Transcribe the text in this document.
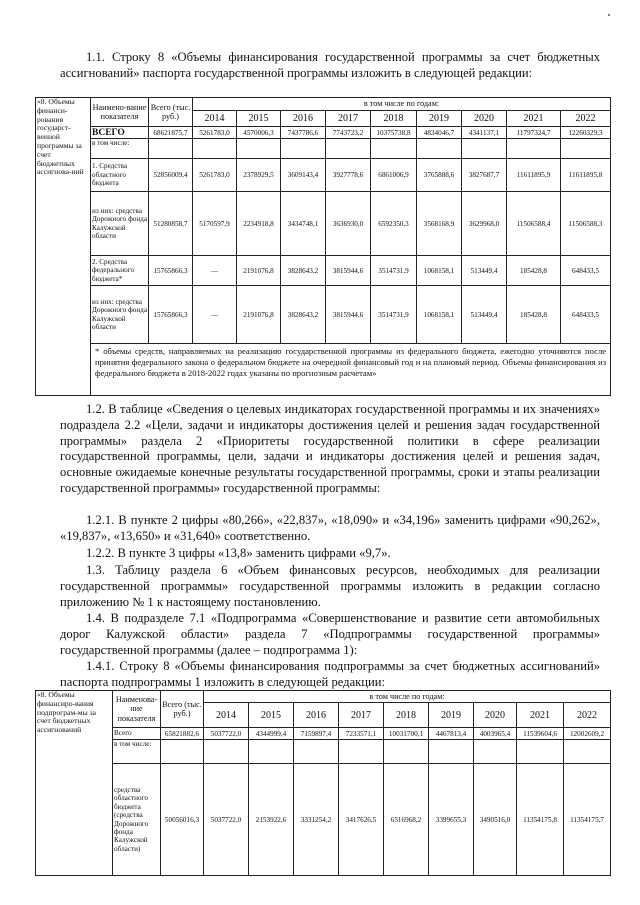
1.1. Строку 8 «Объемы финансирования государственной программы за счет бюджетных ассигнований» паспорта государственной программы изложить в следующей редакции:

«8. Объемы финанси-рования государст-венной программы за счет бюджетных ассигнова-ний	Наимено-вание показателя	Всего (тыс. руб.)	в том числе по годам:								
			2014	2015	2016	2017	2018	2019	2020	2021	2022
	ВСЕГО	68621875,7	5261783,0	4570006,3	7437786,6	7743723,2	10375738,8	4834046,7	4341137,1	11797324,7	12260329,3
	в том числе:										
	1. Средства областного бюджета	52856009,4	5261783,0	2378929,5	3609143,4	3927778,6	6861006,9	3765888,6	3827687,7	11611895,9	11611895,8
	из них: средства Дорожного фонда Калужской области	51280858,7	5170597,9	2234918,8	3434748,1	3636930,0	6592350,3	3568168,9	3629968,0	11506588,4	11506588,3
	2. Средства федерального бюджета*	15765866,3	—	2191076,8	3828643,2	3815944,6	3514731,9	1068158,1	513449,4	185428,8	648433,5
	из них: средства Дорожного фонда Калужской области	15765866,3	—	2191076,8	3828643,2	3815944,6	3514731,9	1068158,1	513449,4	185428,8	648433,5
	* объемы средств, направляемых на реализацию государственной программы из федерального бюджета, ежегодно уточняются после принятия федерального закона о федеральном бюджете на очередной финансовый год и на плановый период. Объемы финансирования из федерального бюджета в 2018-2022 годах указаны по прогнозным расчетам»										

1.2. В таблице «Сведения о целевых индикаторах государственной программы и их значениях» подраздела 2.2 «Цели, задачи и индикаторы достижения целей и решения задач государственной программы» раздела 2 «Приоритеты государственной политики в сфере реализации государственной программы, цели, задачи и индикаторы достижения целей и решения задач, основные ожидаемые конечные результаты государственной программы, сроки и этапы реализации государственной программы» государственной программы:

1.2.1. В пункте 2 цифры «80,266», «22,837», «18,090» и «34,196» заменить цифрами «90,262», «19,837», «13,650» и «31,640» соответственно.

1.2.2. В пункте 3 цифры «13,8» заменить цифрами «9,7».

1.3. Таблицу раздела 6 «Объем финансовых ресурсов, необходимых для реализации государственной программы» государственной программы изложить в редакции согласно приложению № 1 к настоящему постановлению.

1.4. В подразделе 7.1 «Подпрограмма «Совершенствование и развитие сети автомобильных дорог Калужской области» раздела 7 «Подпрограммы государственной программы» государственной программы (далее – подпрограмма 1):

1.4.1. Строку 8 «Объемы финансирования подпрограммы за счет бюджетных ассигнований» паспорта подпрограммы 1 изложить в следующей редакции:

«8. Объемы финансиро-вания подпрограм-мы за счет бюджетных ассигнований	Наименова-ние показателя	Всего (тыс. руб.)	в том числе по годам:								
			2014	2015	2016	2017	2018	2019	2020	2021	2022
	Всего	65821882,6	5037722,0	4344999,4	7159897,4	7233571,1	10031700,1	4467813,4	4003965,4	11539604,6	12002609,2
	в том числе:										
	средства областного бюджета (средства Дорожного фонда Калужской области)	50056016,3	5037722,0	2153922,6	3331254,2	3417626,5	6516968,2	3399655,3	3490516,0	11354175,8	11354175,7
